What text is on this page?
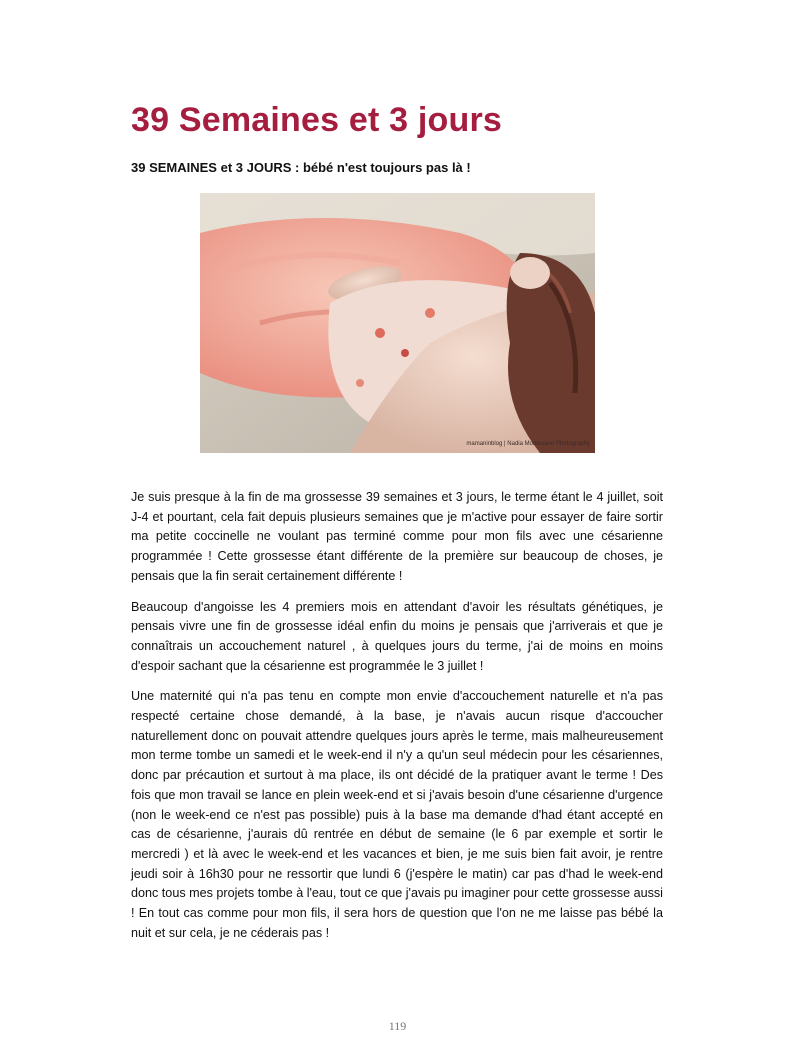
39 Semaines et 3 jours

39 SEMAINES et 3 JOURS : bébé n'est toujours pas là !

mamaninblog | Nadia Montesano Photography

Je suis presque à la fin de ma grossesse 39 semaines et 3 jours, le terme étant le 4 juillet, soit J-4 et pourtant, cela fait depuis plusieurs semaines que je m'active pour essayer de faire sortir ma petite coccinelle ne voulant pas terminé comme pour mon fils avec une césarienne programmée ! Cette grossesse étant différente de la première sur beaucoup de choses, je pensais que la fin serait certainement différente !

Beaucoup d'angoisse les 4 premiers mois en attendant d'avoir les résultats génétiques, je pensais vivre une fin de grossesse idéal enfin du moins je pensais que j'arriverais et que je connaîtrais un accouchement naturel , à quelques jours du terme, j'ai de moins en moins d'espoir sachant que la césarienne est programmée le 3 juillet !

Une maternité qui n'a pas tenu en compte mon envie d'accouchement naturelle et n'a pas respecté certaine chose demandé, à la base, je n'avais aucun risque d'accoucher naturellement donc on pouvait attendre quelques jours après le terme, mais malheureusement mon terme tombe un samedi et le week-end il n'y a qu'un seul médecin pour les césariennes, donc par précaution et surtout à ma place, ils ont décidé de la pratiquer avant le terme ! Des fois que mon travail se lance en plein week-end et si j'avais besoin d'une césarienne d'urgence (non le week-end ce n'est pas possible) puis à la base ma demande d'had étant accepté en cas de césarienne, j'aurais dû rentrée en début de semaine (le 6 par exemple et sortir le mercredi ) et là avec le week-end et les vacances et bien, je me suis bien fait avoir, je rentre jeudi soir à 16h30 pour ne ressortir que lundi 6 (j'espère le matin) car pas d'had le week-end donc tous mes projets tombe à l'eau, tout ce que j'avais pu imaginer pour cette grossesse aussi ! En tout cas comme pour mon fils, il sera hors de question que l'on ne me laisse pas bébé la nuit et sur cela, je ne céderais pas !

119
